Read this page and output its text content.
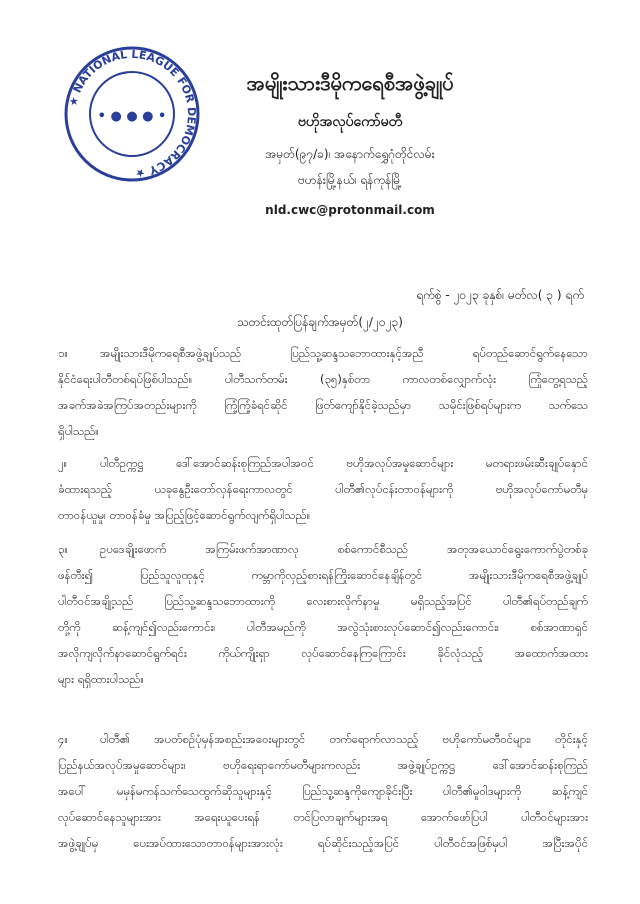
★ NATIONAL LEAGUE FOR DEMOCRACY ★
• ● ● ● •
အမျိုးသားဒီမိုကရေစီအဖွဲ့ချုပ်
ဗဟိုအလုပ်ကော်မတီ
အမှတ်(၉၇/ခ)၊ အနောက်ရွှေဂုံတိုင်လမ်း
ဗဟန်းမြို့နယ်၊ ရန်ကုန်မြို့
nld.cwc@protonmail.com
ရက်စွဲ - ၂၀၂၃ ခုနှစ်၊ မတ်လ( ၃ ) ရက်
သတင်းထုတ်ပြန်ချက်အမှတ်(၂/၂၀၂၃)
၁။	အမျိုးသားဒီမိုကရေစီအဖွဲ့ချုပ်သည် ပြည်သူ့ဆန္ဒသဘောထားနှင့်အညီ ရပ်တည်ဆောင်ရွက်နေသော
နိုင်ငံရေးပါတီတစ်ရပ်ဖြစ်ပါသည်။ ပါတီသက်တမ်း (၃၅)နှစ်တာ ကာလတစ်လျှောက်လုံး ကြုံတွေ့ရသည့်
အခက်အခဲအကြပ်အတည်းများကို ကြံ့ကြံ့ခံရင်ဆိုင် ဖြတ်ကျော်နိုင်ခဲ့သည်မှာ သမိုင်းဖြစ်ရပ်များက သက်သေ
ရှိပါသည်။
၂။	ပါတီဥက္ကဋ္ဌ ဒေါ်အောင်ဆန်းစုကြည်အပါအဝင် ဗဟိုအလုပ်အမှုဆောင်များ မတရားဖမ်းဆီးချုပ်နှောင်
ခံထားရသည့် ယခုနွေဦးတော်လှန်ရေးကာလတွင် ပါတီ၏လုပ်ငန်းတာဝန်များကို ဗဟိုအလုပ်ကော်မတီမှ
တာဝန်ယူမှု၊ တာဝန်ခံမှု အပြည့်ဖြင့်ဆောင်ရွက်လျက်ရှိပါသည်။
၃။	ဥပဒေချိုးဖောက် အကြမ်းဖက်အာဏာလု စစ်ကောင်စီသည် အတုအယောင်ရွေးကောက်ပွဲတစ်ခု
ဖန်တီး၍ ပြည်သူလူထုနှင့် ကမ္ဘာကိုလှည့်စားရန်ကြိုးဆောင်နေချိန်တွင် အမျိုးသားဒီမိုကရေစီအဖွဲ့ချုပ်
ပါတီဝင်အချို့သည် ပြည်သူ့ဆန္ဒသဘောထားကို လေးစားလိုက်နာမှု မရှိသည့်အပြင် ပါတီ၏ရပ်တည်ချက်
တို့ကို ဆန့်ကျင်၍လည်းကောင်း၊ ပါတီအမည်ကို အလွဲသုံးစားလုပ်ဆောင်၍လည်းကောင်း၊ စစ်အာဏာရှင်
အလိုကျလိုက်နာဆောင်ရွက်ရင်း ကိုယ်ကျိုးရှာ လုပ်ဆောင်နေကြကြောင်း ခိုင်လုံသည့် အထောက်အထား
များ ရရှိထားပါသည်။
၄။	ပါတီ၏ အပတ်စဉ်ပုံမှန်အစည်းအဝေးများတွင် တက်ရောက်လာသည့် ဗဟိုကော်မတီဝင်များ၊ တိုင်းနှင့်
ပြည်နယ်အလုပ်အမှုဆောင်များ၊ ဗဟိုရေးရာကော်မတီများကလည်း အဖွဲ့ချုပ်ဥက္ကဋ္ဌ ဒေါ်အောင်ဆန်းစုကြည်
အပေါ် မမှန်မကန်သက်သေထွက်ဆိုသူများနှင့် ပြည်သူ့ဆန္ဒကိုကျောခိုင်းပြီး ပါတီ၏မူဝါဒများကို ဆန့်ကျင်
လုပ်ဆောင်နေသူများအား အရေးယူပေးရန် တင်ပြလာချက်များအရ အောက်ဖော်ပြပါ ပါတီဝင်များအား
အဖွဲ့ချုပ်မှ ပေးအပ်ထားသောတာဝန်များအားလုံး ရပ်ဆိုင်းသည့်အပြင် ပါတီဝင်အဖြစ်မှပါ အပြီးအပိုင်
